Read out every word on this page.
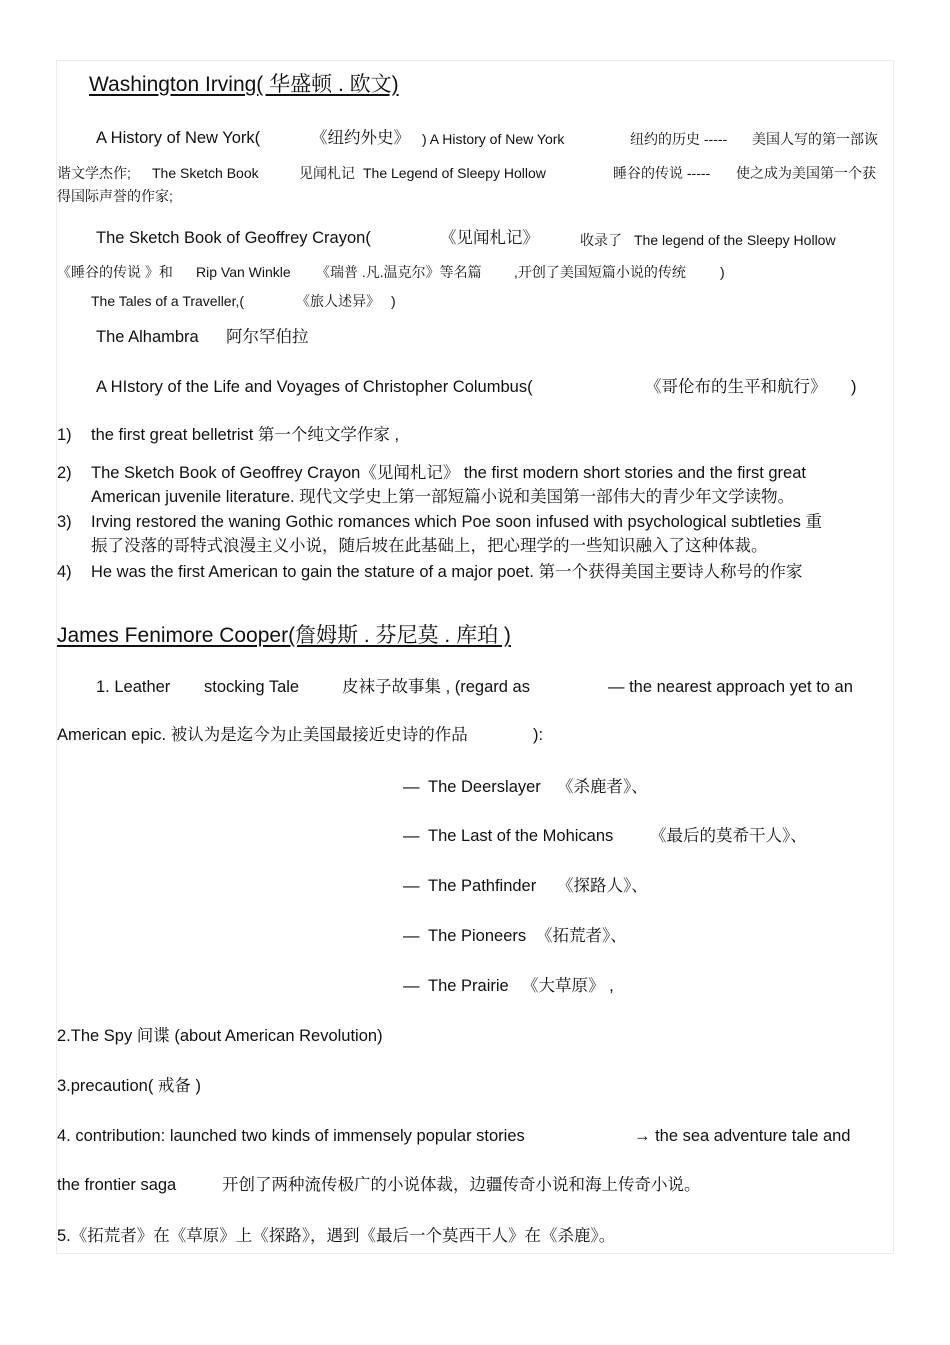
Washington Irving( 华盛顿 . 欧文)
A History of New York(	《纽约外史》 ) A History of New York	纽约的历史 ----- 美国人写的第一部诙
谐文学杰作; The Sketch Book	见闻札记 The Legend of Sleepy Hollow	睡谷的传说 ----- 使之成为美国第一个获
得国际声誉的作家;
The Sketch Book of Geoffrey Crayon(	《见闻札记》	收录了 The legend of the Sleepy Hollow
《睡谷的传说 》和 Rip Van Winkle 《瑞普 .凡.温克尔》等名篇 ,开创了美国短篇小说的传统 )
The Tales of a Traveller,(	《旅人述异》 )
The Alhambra 阿尔罕伯拉
A HIstory of the Life and Voyages of Christopher Columbus(	《哥伦布的生平和航行》 )
1) the first great belletrist 第一个纯文学作家 ,
2) The Sketch Book of Geoffrey Crayon《见闻札记》 the first modern short stories and the first great
American juvenile literature. 现代文学史上第一部短篇小说和美国第一部伟大的青少年文学读物。
3) Irving restored the waning Gothic romances which Poe soon infused with psychological subtleties 重
振了没落的哥特式浪漫主义小说，随后坡在此基础上，把心理学的一些知识融入了这种体裁。
4) He was the first American to gain the stature of a major poet. 第一个获得美国主要诗人称号的作家
James Fenimore Cooper(詹姆斯 . 芬尼莫 . 库珀 )
1. Leather stocking Tale	皮袜子故事集 , (regard as	— the nearest approach yet to an
American epic. 被认为是迄今为止美国最接近史诗的作品	):
— The Deerslayer 《杀鹿者》、
— The Last of the Mohicans 《最后的莫希干人》、
— The Pathfinder 《探路人》、
— The Pioneers 《拓荒者》、
— The Prairie 《大草原》 ,
2.The Spy 间谍 (about American Revolution)
3.precaution( 戒备 )
4. contribution: launched two kinds of immensely popular stories	→ the sea adventure tale and
the frontier saga	开创了两种流传极广的小说体裁，边疆传奇小说和海上传奇小说。
5.《拓荒者》在《草原》上《探路》，遇到《最后一个莫西干人》在《杀鹿》。
